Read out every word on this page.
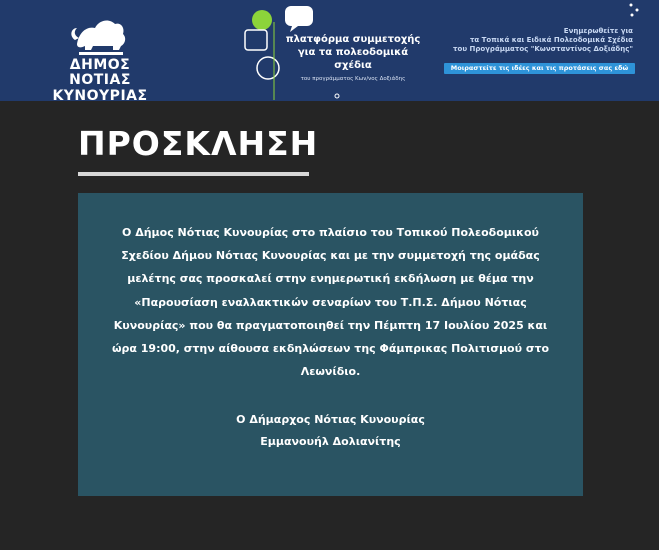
ΔΗΜΟΣ
ΝΟΤΙΑΣ ΚΥΝΟΥΡΙΑΣ
πλατφόρμα συμμετοχής
για τα πολεοδομικά σχέδια
του προγράμματος Κων/νος Δοξιάδης
Ενημερωθείτε για
τα Τοπικά και Ειδικά Πολεοδομικά Σχέδια
του Προγράμματος "Κωνσταντίνος Δοξιάδης"
Μοιραστείτε τις ιδέες και τις προτάσεις σας εδώ
ΠΡΟΣΚΛΗΣΗ
Ο Δήμος Νότιας Κυνουρίας στο πλαίσιο του Τοπικού Πολεοδομικού
Σχεδίου Δήμου Νότιας Κυνουρίας και με την συμμετοχή της ομάδας
μελέτης σας προσκαλεί στην ενημερωτική εκδήλωση με θέμα την
«Παρουσίαση εναλλακτικών σεναρίων του Τ.Π.Σ. Δήμου Νότιας
Κυνουρίας» που θα πραγματοποιηθεί την Πέμπτη 17 Ιουλίου 2025 και
ώρα 19:00, στην αίθουσα εκδηλώσεων της Φάμπρικας Πολιτισμού στο
Λεωνίδιο.
Ο Δήμαρχος Νότιας Κυνουρίας
Εμμανουήλ Δολιανίτης
